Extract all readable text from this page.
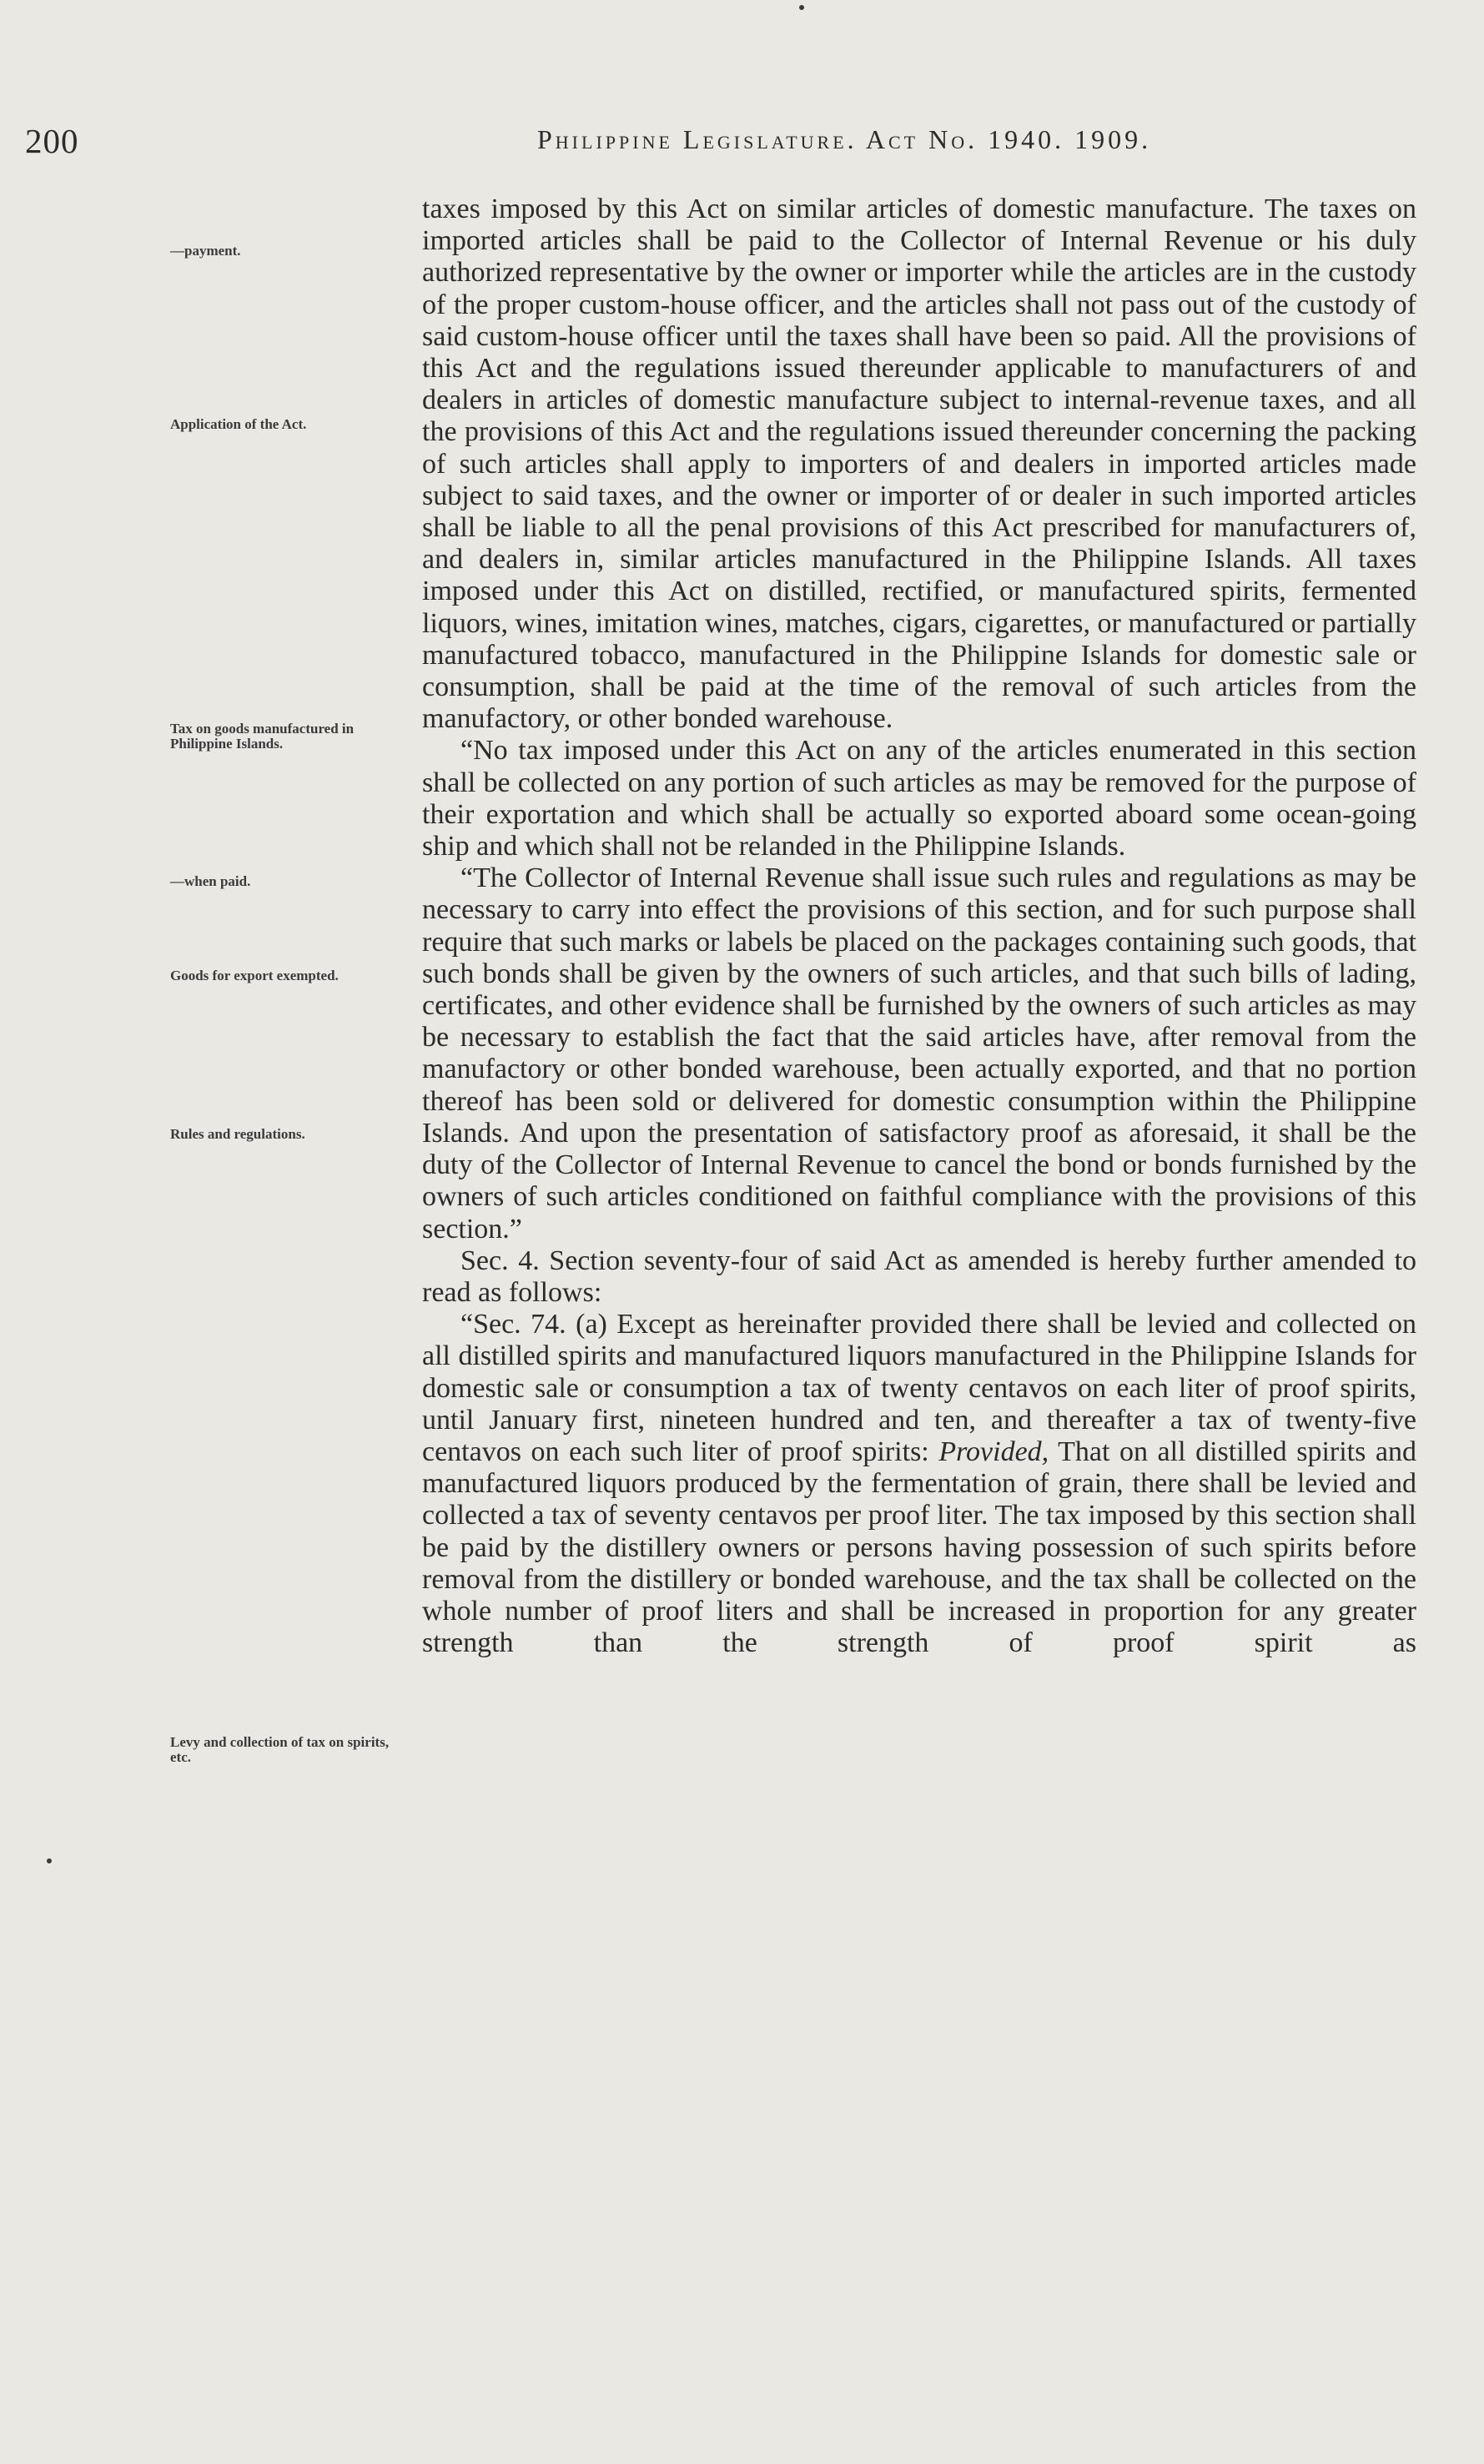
200	Philippine Legislature. Act No. 1940. 1909.
—payment.
Application of the Act.
Tax on goods manufactured in Philippine Islands.
—when paid.
Goods for export exempted.
Rules and regulations.
Levy and collection of tax on spirits, etc.

taxes imposed by this Act on similar articles of domestic manufacture. The taxes on imported articles shall be paid to the Collector of Internal Revenue or his duly authorized representative by the owner or importer while the articles are in the custody of the proper custom-house officer, and the articles shall not pass out of the custody of said custom-house officer until the taxes shall have been so paid. All the provisions of this Act and the regulations issued thereunder applicable to manufacturers of and dealers in articles of domestic manufacture subject to internal-revenue taxes, and all the provisions of this Act and the regulations issued thereunder concerning the packing of such articles shall apply to importers of and dealers in imported articles made subject to said taxes, and the owner or importer of or dealer in such imported articles shall be liable to all the penal provisions of this Act prescribed for manufacturers of, and dealers in, similar articles manufactured in the Philippine Islands. All taxes imposed under this Act on distilled, rectified, or manufactured spirits, fermented liquors, wines, imitation wines, matches, cigars, cigarettes, or manufactured or partially manufactured tobacco, manufactured in the Philippine Islands for domestic sale or consumption, shall be paid at the time of the removal of such articles from the manufactory, or other bonded warehouse.

“No tax imposed under this Act on any of the articles enumerated in this section shall be collected on any portion of such articles as may be removed for the purpose of their exportation and which shall be actually so exported aboard some ocean-going ship and which shall not be relanded in the Philippine Islands.

“The Collector of Internal Revenue shall issue such rules and regulations as may be necessary to carry into effect the provisions of this section, and for such purpose shall require that such marks or labels be placed on the packages containing such goods, that such bonds shall be given by the owners of such articles, and that such bills of lading, certificates, and other evidence shall be furnished by the owners of such articles as may be necessary to establish the fact that the said articles have, after removal from the manufactory or other bonded warehouse, been actually exported, and that no portion thereof has been sold or delivered for domestic consumption within the Philippine Islands. And upon the presentation of satisfactory proof as aforesaid, it shall be the duty of the Collector of Internal Revenue to cancel the bond or bonds furnished by the owners of such articles conditioned on faithful compliance with the provisions of this section.”

Sec. 4. Section seventy-four of said Act as amended is hereby further amended to read as follows:

“Sec. 74. (a) Except as hereinafter provided there shall be levied and collected on all distilled spirits and manufactured liquors manufactured in the Philippine Islands for domestic sale or consumption a tax of twenty centavos on each liter of proof spirits, until January first, nineteen hundred and ten, and thereafter a tax of twenty-five centavos on each such liter of proof spirits: Provided, That on all distilled spirits and manufactured liquors produced by the fermentation of grain, there shall be levied and collected a tax of seventy centavos per proof liter. The tax imposed by this section shall be paid by the distillery owners or persons having possession of such spirits before removal from the distillery or bonded warehouse, and the tax shall be collected on the whole number of proof liters and shall be increased in proportion for any greater strength than the strength of proof spirit as
